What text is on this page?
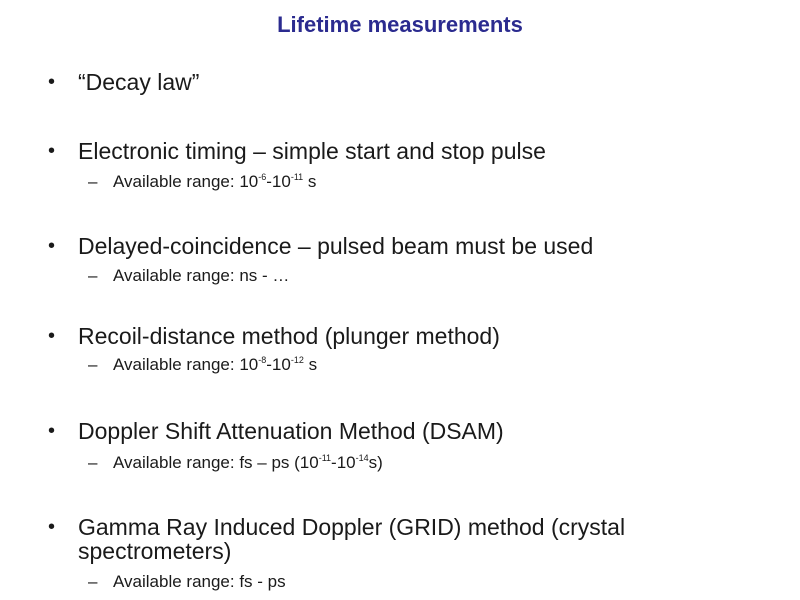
Lifetime measurements
• “Decay law”
• Electronic timing – simple start and stop pulse
– Available range: $10^{-6}-10^{-11}$ s
• Delayed-coincidence – pulsed beam must be used
– Available range: ns - …
• Recoil-distance method (plunger method)
– Available range: $10^{-8}-10^{-12}$ s
• Doppler Shift Attenuation Method (DSAM)
– Available range: fs – ps $(10^{-11}-10^{-14}s)$
• Gamma Ray Induced Doppler (GRID) method (crystal spectrometers)
– Available range: fs - ps
